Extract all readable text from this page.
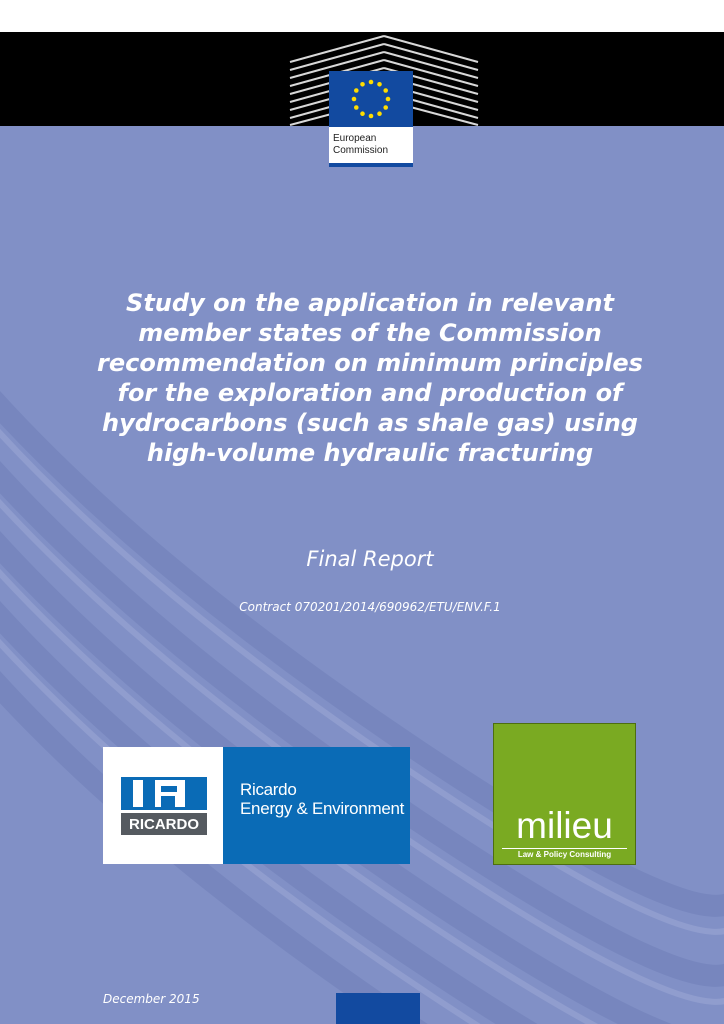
European
Commission
Study on the application in relevant member states of the Commission recommendation on minimum principles for the exploration and production of hydrocarbons (such as shale gas) using high-volume hydraulic fracturing
Final Report
Contract 070201/2014/690962/ETU/ENV.F.1
RICARDO
Ricardo
Energy & Environment	milieu
Law & Policy Consulting
December 2015
